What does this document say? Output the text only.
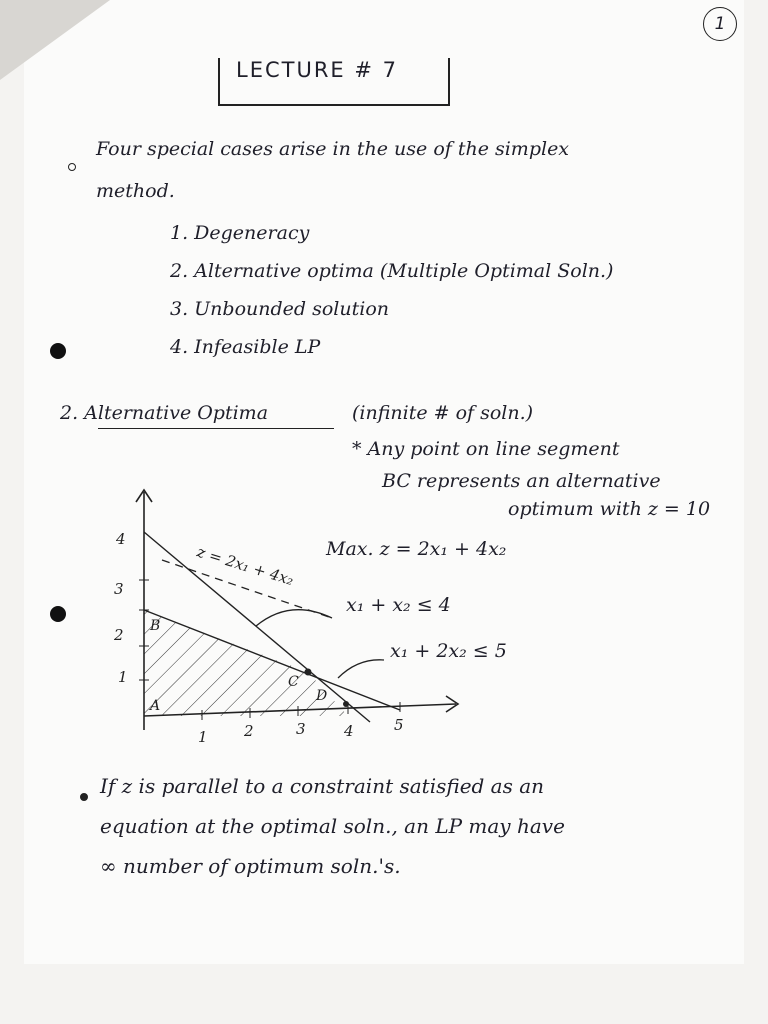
1
LECTURE # 7
Four special cases arise in the use of the simplex
method.
1. Degeneracy
2. Alternative optima (Multiple Optimal Soln.)
3. Unbounded solution
4. Infeasible LP
2. Alternative Optima	(infinite # of soln.)
* Any point on line segment
BC represents an alternative
optimum with z = 10
4
3
2
1
1 2	3	4	5
A
B
C
D
z = 2x₁ + 4x₂ Max. z = 2x₁ + 4x₂
x₁ + x₂ ≤ 4
x₁ + 2x₂ ≤ 5
If z is parallel to a constraint satisfied as an
equation at the optimal soln., an LP may have
∞ number of optimum soln.'s.
